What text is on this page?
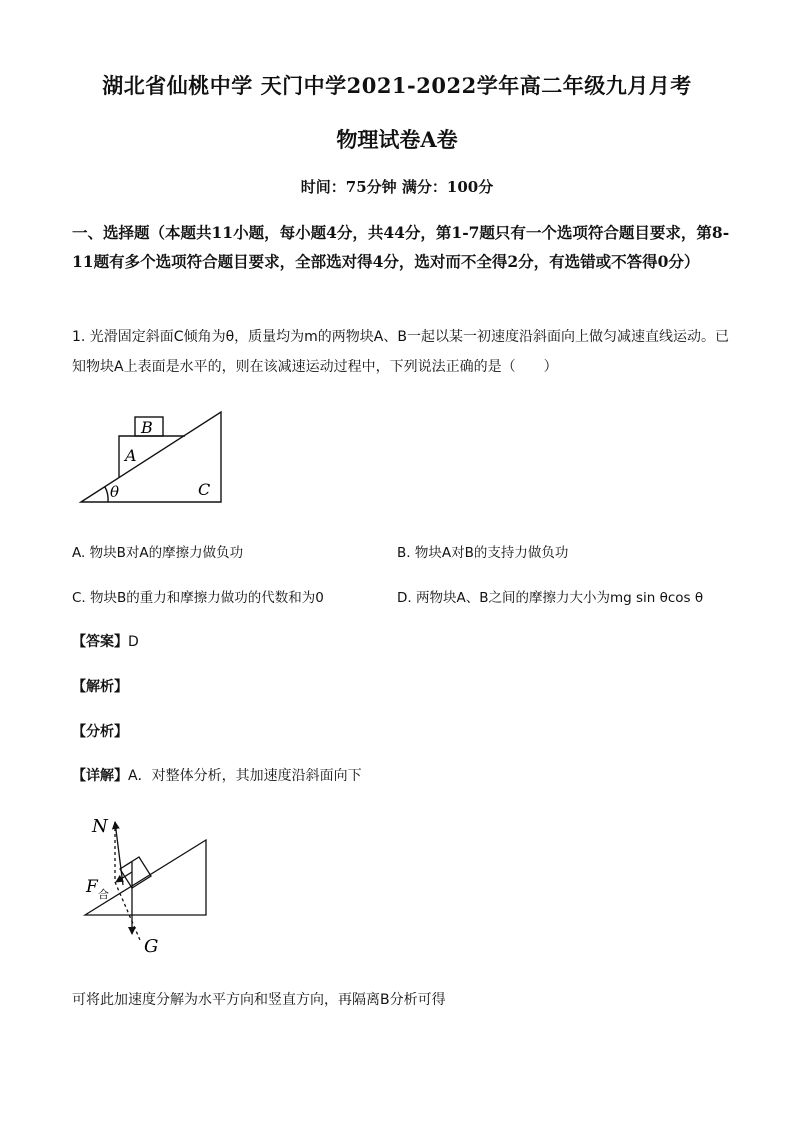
湖北省仙桃中学 天门中学2021-2022学年高二年级九月月考
物理试卷A卷
时间：75分钟 满分：100分
一、选择题（本题共11小题，每小题4分，共44分，第1-7题只有一个选项符合题目要求，第8-11题有多个选项符合题目要求，全部选对得4分，选对而不全得2分，有选错或不答得0分）
1. 光滑固定斜面C倾角为θ，质量均为m的两物块A、B一起以某一初速度沿斜面向上做匀减速直线运动。已知物块A上表面是水平的，则在该减速运动过程中，下列说法正确的是（　　）
B
A
C
θ
A. 物块B对A的摩擦力做负功	B. 物块A对B的支持力做负功
C. 物块B的重力和摩擦力做功的代数和为0	D. 两物块A、B之间的摩擦力大小为mg sin θcos θ
【答案】D
【解析】
【分析】
【详解】A．对整体分析，其加速度沿斜面向下
N
F 合
G
可将此加速度分解为水平方向和竖直方向，再隔离B分析可得
